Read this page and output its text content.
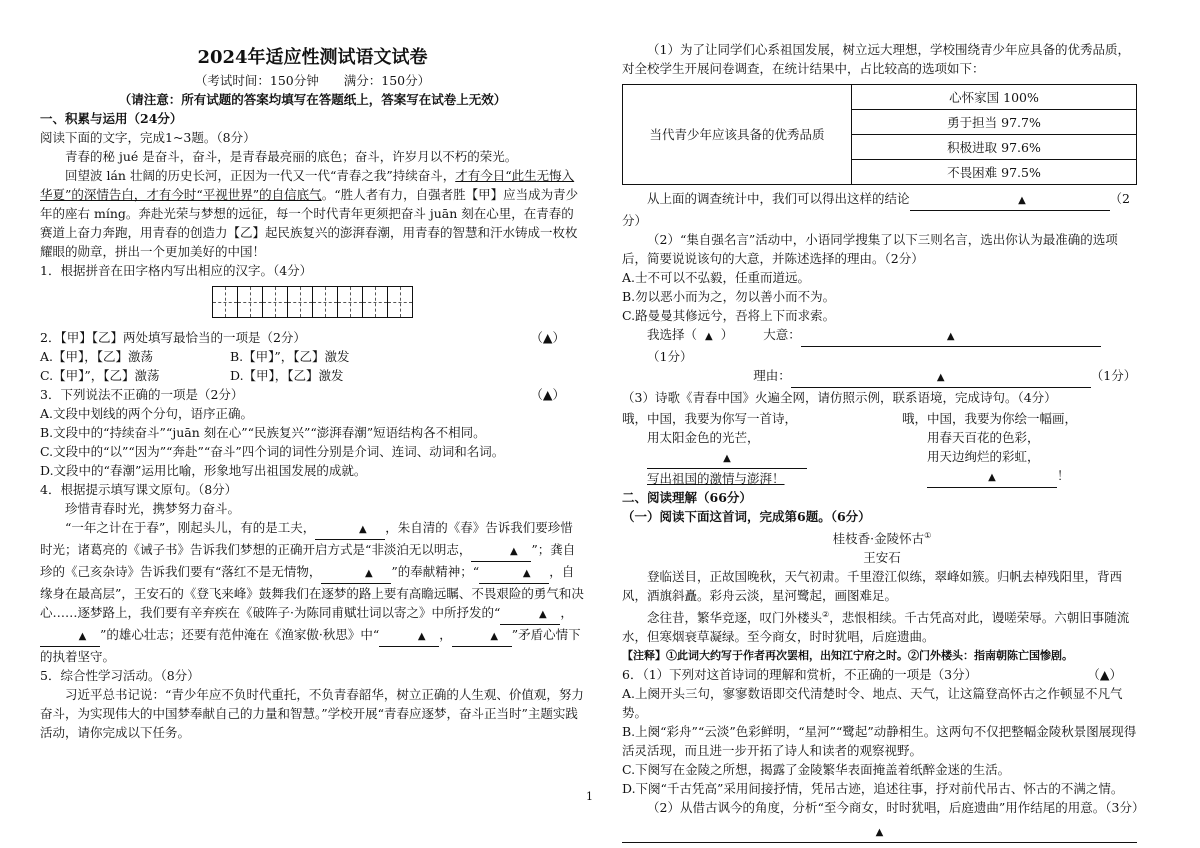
2024年适应性测试语文试卷
（考试时间：150分钟　　满分：150分）
（请注意：所有试题的答案均填写在答题纸上，答案写在试卷上无效）
一、积累与运用（24分）

阅读下面的文字，完成1~3题。（8分）

青春的秘 jué 是奋斗，奋斗，是青春最亮丽的底色；奋斗，许岁月以不朽的荣光。

回望波 lán 壮阔的历史长河，正因为一代又一代“青春之我”持续奋斗，才有今日“此生无悔入华夏”的深情告白，才有今时“平视世界”的自信底气。“胜人者有力，自强者胜【甲】应当成为青少年的座右 míng。奔赴光荣与梦想的远征，每一个时代青年更须把奋斗 juān 刻在心里，在青春的赛道上奋力奔跑，用青春的创造力【乙】起民族复兴的澎湃春潮，用青春的智慧和汗水铸成一枚枚耀眼的勋章，拼出一个更加美好的中国！

1．根据拼音在田字格内写出相应的汉字。（4分）

2．【甲】【乙】两处填写最恰当的一项是（2分）	（▲）

A.【甲】，【乙】激荡	B.【甲】”，【乙】激发
C.【甲】”，【乙】激荡	D.【甲】，【乙】激发

3．下列说法不正确的一项是（2分）	（▲）

A.文段中划线的两个分句，语序正确。

B.文段中的“持续奋斗”“juān 刻在心”“民族复兴”“澎湃春潮”短语结构各不相同。

C.文段中的“以”“因为”“奔赴”“奋斗”四个词的词性分别是介词、连词、动词和名词。

D.文段中的“春潮”运用比喻，形象地写出祖国发展的成就。

4．根据提示填写课文原句。（8分）

珍惜青春时光，携梦努力奋斗。

“一年之计在于春”，刚起头儿，有的是工夫，	▲ ，朱自清的《春》告诉我们要珍惜时光；诸葛亮的《诫子书》告诉我们梦想的正确开启方式是“非淡泊无以明志，	▲ ”；龚自珍的《己亥杂诗》告诉我们要有“落红不是无情物，	▲ ”的奉献精神；“	▲ ，自缘身在最高层”，王安石的《登飞来峰》鼓舞我们在逐梦的路上要有高瞻远瞩、不畏艰险的勇气和决心……逐梦路上，我们要有辛弃疾在《破阵子·为陈同甫赋壮词以寄之》中所抒发的“	▲ ，▲ ”的雄心壮志；还要有范仲淹在《渔家傲·秋思》中“	▲ ，	▲ ”矛盾心情下的执着坚守。

5．综合性学习活动。（8分）

习近平总书记说：“青少年应不负时代重托，不负青春韶华，树立正确的人生观、价值观，努力奋斗，为实现伟大的中国梦奉献自己的力量和智慧。”学校开展“青春应逐梦，奋斗正当时”主题实践活动，请你完成以下任务。

（1）为了让同学们心系祖国发展，树立远大理想，学校围绕青少年应具备的优秀品质，对全校学生开展问卷调查，在统计结果中，占比较高的选项如下：

当代青少年应该具备的优秀品质	心怀家国 100%
勇于担当 97.7%
积极进取 97.6%
不畏困难 97.5%

从上面的调查统计中，我们可以得出这样的结论	▲	（2分）

（2）“集自强名言”活动中，小语同学搜集了以下三则名言，选出你认为最准确的选项后，简要说说该句的大意，并陈述选择的理由。（2分）

A.士不可以不弘毅，任重而道远。

B.勿以恶小而为之，勿以善小而不为。

C.路曼曼其修远兮，吾将上下而求索。

我选择（ ▲ ） 大意：	▲（1分）

理由：	▲	（1分）

（3）诗歌《青春中国》火遍全网，请仿照示例，联系语境，完成诗句。（4分）

哦，中国，我要为你写一首诗，

用太阳金色的光芒，

▲

写出祖国的激情与澎湃！

哦，中国，我要为你绘一幅画，

用春天百花的色彩，

用天边绚烂的彩虹，

▲	！

二、阅读理解（66分）
（一）阅读下面这首词，完成第6题。（6分）
桂枝香·金陵怀古①
王安石

登临送目，正故国晚秋，天气初肃。千里澄江似练，翠峰如簇。归帆去棹残阳里，背西风，酒旗斜矗。彩舟云淡，星河鹭起，画图难足。

念往昔，繁华竞逐，叹门外楼头②，悲恨相续。千古凭高对此，谩嗟荣辱。六朝旧事随流水，但寒烟衰草凝绿。至今商女，时时犹唱，后庭遗曲。

【注释】①此词大约写于作者再次罢相，出知江宁府之时。②门外楼头：指南朝陈亡国惨剧。

6．（1）下列对这首诗词的理解和赏析，不正确的一项是（3分）	（▲）

A.上阕开头三句，寥寥数语即交代清楚时令、地点、天气，让这篇登高怀古之作顿显不凡气势。

B.上阕“彩舟”“云淡”色彩鲜明，“星河”“鹭起”动静相生。这两句不仅把整幅金陵秋景图展现得活灵活现，而且进一步开拓了诗人和读者的观察视野。

C.下阕写在金陵之所想，揭露了金陵繁华表面掩盖着纸醉金迷的生活。

D.下阕“千古凭高”采用间接抒情，凭吊古迹，追述往事，抒对前代吊古、怀古的不满之情。

（2）从借古讽今的角度，分析“至今商女，时时犹唱，后庭遗曲”用作结尾的用意。（3分）

▲
1
